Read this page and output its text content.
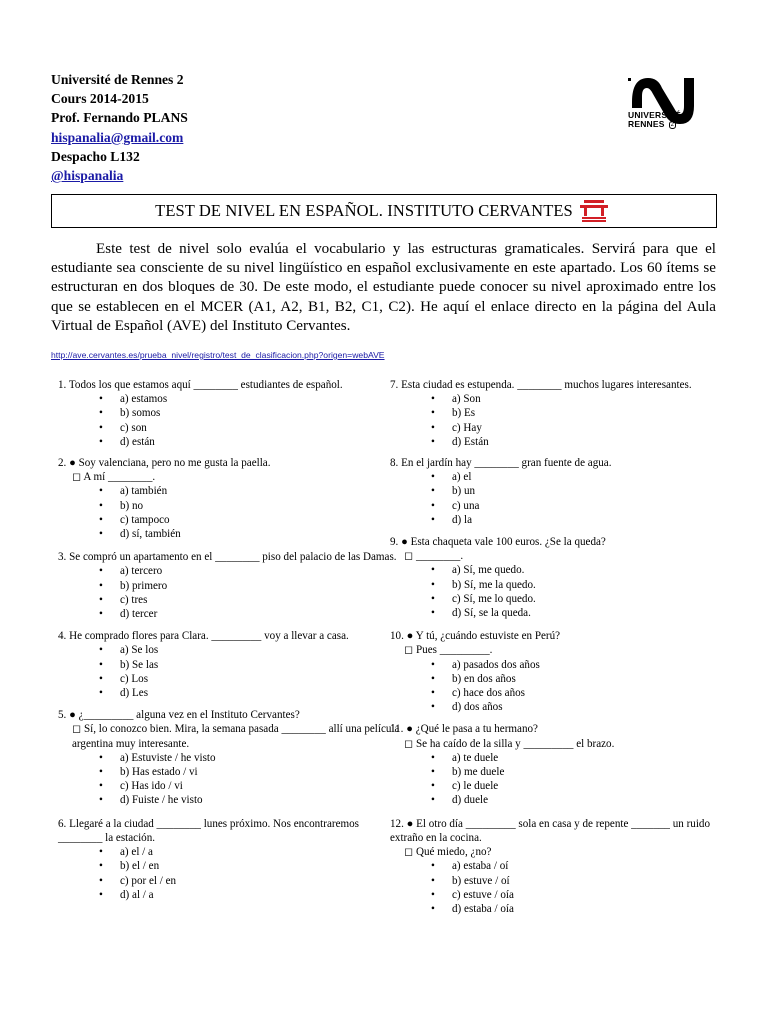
Université de Rennes 2
Cours 2014-2015
Prof. Fernando PLANS
hispanalia@gmail.com
Despacho L132
@hispanalia
UNIVERSITÉ
RENNES	2
TEST DE NIVEL EN ESPAÑOL. INSTITUTO CERVANTES

Este test de nivel solo evalúa el vocabulario y las estructuras gramaticales. Servirá para que el estudiante sea consciente de su nivel lingüístico en español exclusivamente en este apartado. Los 60 ítems se estructuran en dos bloques de 30. De este modo, el estudiante puede conocer su nivel aproximado entre los que se establecen en el MCER (A1, A2, B1, B2, C1, C2). He aquí el enlace directo en la página del Aula Virtual de Español (AVE) del Instituto Cervantes.

http://ave.cervantes.es/prueba_nivel/registro/test_de_clasificacion.php?origen=webAVE

1. Todos los que estamos aquí ________ estudiantes de español.

• a) estamos
• b) somos
• c) son
• d) están

2. ● Soy valenciana, pero no me gusta la paella.

◻ A mí ________.

• a) también
• b) no
• c) tampoco
• d) sí, también

3. Se compró un apartamento en el ________ piso del palacio de las Damas.

• a) tercero
• b) primero
• c) tres
• d) tercer

4. He comprado flores para Clara. _________ voy a llevar a casa.

• a) Se los
• b) Se las
• c) Los
• d) Les

5. ● ¿_________ alguna vez en el Instituto Cervantes?

◻ Sí, lo conozco bien. Mira, la semana pasada ________ allí una película argentina muy interesante.

• a) Estuviste / he visto
• b) Has estado / vi
• c) Has ido / vi
• d) Fuiste / he visto

6. Llegaré a la ciudad ________ lunes próximo. Nos encontraremos ________ la estación.

• a) el / a
• b) el / en
• c) por el / en
• d) al / a

7. Esta ciudad es estupenda. ________ muchos lugares interesantes.

• a) Son
• b) Es
• c) Hay
• d) Están

8. En el jardín hay ________ gran fuente de agua.

• a) el
• b) un
• c) una
• d) la

9. ● Esta chaqueta vale 100 euros. ¿Se la queda?

◻ ________.

• a) Sí, me quedo.
• b) Sí, me la quedo.
• c) Sí, me lo quedo.
• d) Sí, se la queda.

10. ● Y tú, ¿cuándo estuviste en Perú?

◻ Pues _________.

• a) pasados dos años
• b) en dos años
• c) hace dos años
• d) dos años

11. ● ¿Qué le pasa a tu hermano?

◻ Se ha caído de la silla y _________ el brazo.

• a) te duele
• b) me duele
• c) le duele
• d) duele

12. ● El otro día _________ sola en casa y de repente _______ un ruido extraño en la cocina.

◻ Qué miedo, ¿no?

• a) estaba / oí
• b) estuve / oí
• c) estuve / oía
• d) estaba / oía
